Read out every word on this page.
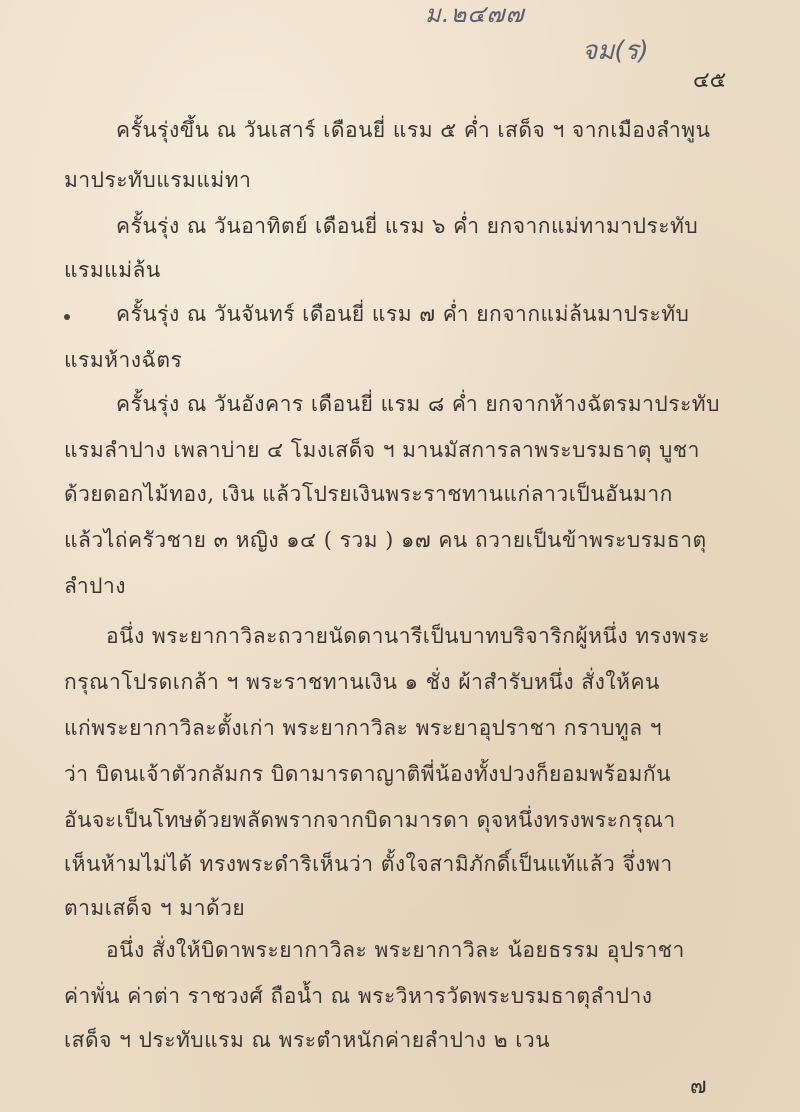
ม.๒๔๗๗
จม(ร)
๔๕
ครั้นรุ่งขึ้น ณ วันเสาร์ เดือนยี่ แรม ๕ ค่ำ เสด็จ ฯ จากเมืองลำพูน
มาประทับแรมแม่ทา
ครั้นรุ่ง ณ วันอาทิตย์ เดือนยี่ แรม ๖ ค่ำ ยกจากแม่ทามาประทับ
แรมแม่ล้น
ครั้นรุ่ง ณ วันจันทร์ เดือนยี่ แรม ๗ ค่ำ ยกจากแม่ล้นมาประทับ
แรมห้างฉัตร
ครั้นรุ่ง ณ วันอังคาร เดือนยี่ แรม ๘ ค่ำ ยกจากห้างฉัตรมาประทับ
แรมลำปาง เพลาบ่าย ๔ โมงเสด็จ ฯ มานมัสการลาพระบรมธาตุ บูชา
ด้วยดอกไม้ทอง, เงิน แล้วโปรยเงินพระราชทานแก่ลาวเป็นอันมาก
แล้วไถ่ครัวชาย ๓ หญิง ๑๔ ( รวม ) ๑๗ คน ถวายเป็นข้าพระบรมธาตุ
ลำปาง
อนึ่ง พระยากาวิละถวายนัดดานารีเป็นบาทบริจาริกผู้หนึ่ง ทรงพระ
กรุณาโปรดเกล้า ฯ พระราชทานเงิน ๑ ชั่ง ผ้าสำรับหนึ่ง สั่งให้คน
แก่พระยากาวิละตั้งเก่า พระยากาวิละ พระยาอุปราชา กราบทูล ฯ
ว่า บิดนเจ้าตัวกลัมกร บิดามารดาญาติพี่น้องทั้งปวงก็ยอมพร้อมกัน
อันจะเป็นโทษด้วยพลัดพรากจากบิดามารดา ดุจหนึ่งทรงพระกรุณา
เห็นห้ามไม่ได้ ทรงพระดำริเห็นว่า ตั้งใจสามิภักดิ์เป็นแท้แล้ว จึ่งพา
ตามเสด็จ ฯ มาด้วย
อนึ่ง สั่งให้บิดาพระยากาวิละ พระยากาวิละ น้อยธรรม อุปราชา
ค่าพั่น ค่าต่า ราชวงศ์ ถือน้ำ ณ พระวิหารวัดพระบรมธาตุลำปาง
เสด็จ ฯ ประทับแรม ณ พระตำหนักค่ายลำปาง ๒ เวน
๗
